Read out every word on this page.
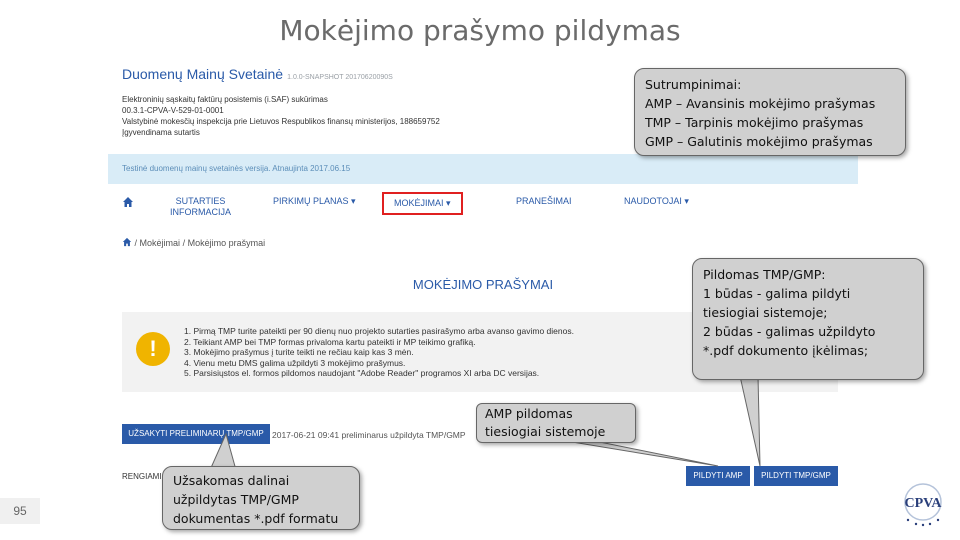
Mokėjimo prašymo pildymas
Duomenų Mainų Svetainė 1.0.0-SNAPSHOT 20170620090S
Elektroninių sąskaitų faktūrų posistemis (i.SAF) sukūrimas
00.3.1-CPVA-V-529-01-0001
Valstybinė mokesčių inspekcija prie Lietuvos Respublikos finansų ministerijos, 188659752
Įgyvendinama sutartis
Testinė duomenų mainų svetainės versija. Atnaujinta 2017.06.15
SUTARTIES
INFORMACIJA
PIRKIMŲ PLANAS ▾	MOKĖJIMAI ▾	PRANEŠIMAI	NAUDOTOJAI ▾
/ Mokėjimai / Mokėjimo prašymai
MOKĖJIMO PRAŠYMAI
!
1. Pirmą TMP turite pateikti per 90 dienų nuo projekto sutarties pasirašymo arba avanso gavimo dienos.
2. Teikiant AMP bei TMP formas privaloma kartu pateikti ir MP teikimo grafiką.
3. Mokėjimo prašymus į turite teikti ne rečiau kaip kas 3 mėn.
4. Vienu metu DMS galima užpildyti 3 mokėjimo prašymus.
5. Parsisiųstos el. formos pildomos naudojant "Adobe Reader" programos XI arba DC versijas.
UŽSAKYTI PRELIMINARŲ TMP/GMP 2017-06-21 09:41 preliminarus užpildyta TMP/GMP
RENGIAMI	PILDYTI AMP	PILDYTI TMP/GMP
Sutrumpinimai:
AMP – Avansinis mokėjimo prašymas
TMP – Tarpinis mokėjimo prašymas
GMP – Galutinis mokėjimo prašymas
Pildomas TMP/GMP:
1 būdas - galima pildyti
tiesiogiai sistemoje;
2 būdas - galimas užpildyto
*.pdf dokumento įkėlimas;
AMP pildomas
tiesiogiai sistemoje
Užsakomas dalinai
užpildytas TMP/GMP
dokumentas *.pdf formatu
95	CPVA
